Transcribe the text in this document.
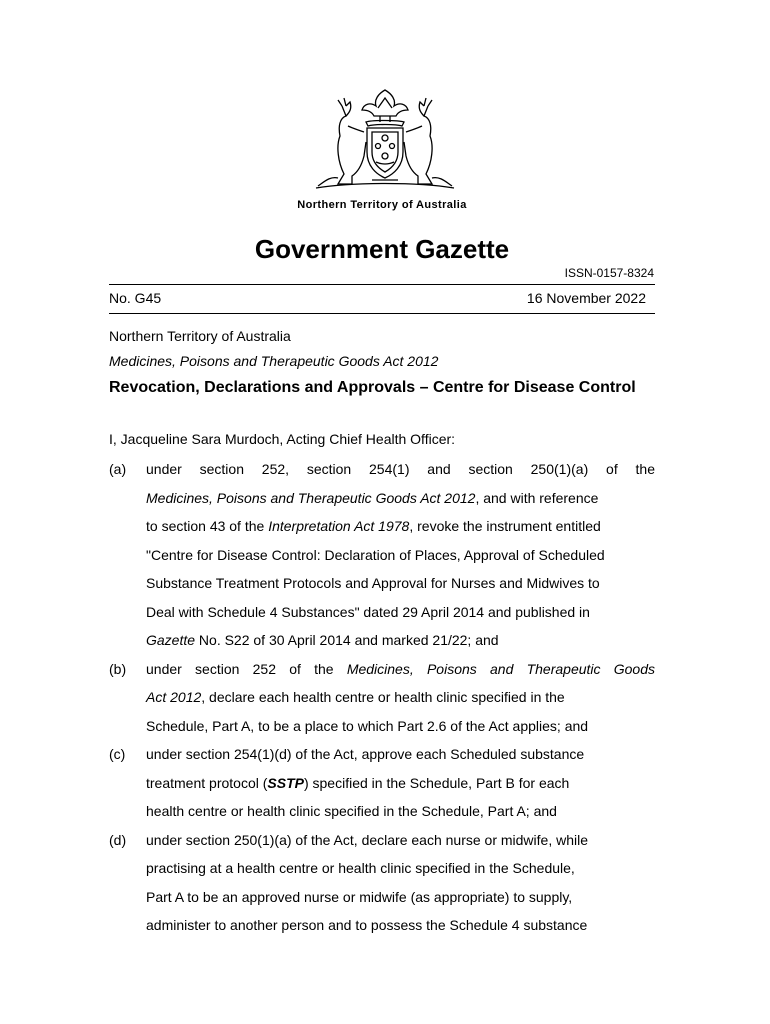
Northern Territory of Australia
Government Gazette
ISSN-0157-8324
No. G45	16 November 2022
Northern Territory of Australia
Medicines, Poisons and Therapeutic Goods Act 2012
Revocation, Declarations and Approvals – Centre for Disease Control
I, Jacqueline Sara Murdoch, Acting Chief Health Officer:
(a)	under section 252, section 254(1) and section 250(1)(a) of the
Medicines, Poisons and Therapeutic Goods Act 2012, and with reference
to section 43 of the Interpretation Act 1978, revoke the instrument entitled
"Centre for Disease Control: Declaration of Places, Approval of Scheduled
Substance Treatment Protocols and Approval for Nurses and Midwives to
Deal with Schedule 4 Substances" dated 29 April 2014 and published in
Gazette No. S22 of 30 April 2014 and marked 21/22; and
(b)	under section 252 of the Medicines, Poisons and Therapeutic Goods
Act 2012, declare each health centre or health clinic specified in the
Schedule, Part A, to be a place to which Part 2.6 of the Act applies; and
(c)	under section 254(1)(d) of the Act, approve each Scheduled substance
treatment protocol (SSTP) specified in the Schedule, Part B for each
health centre or health clinic specified in the Schedule, Part A; and
(d)	under section 250(1)(a) of the Act, declare each nurse or midwife, while
practising at a health centre or health clinic specified in the Schedule,
Part A to be an approved nurse or midwife (as appropriate) to supply,
administer to another person and to possess the Schedule 4 substance
